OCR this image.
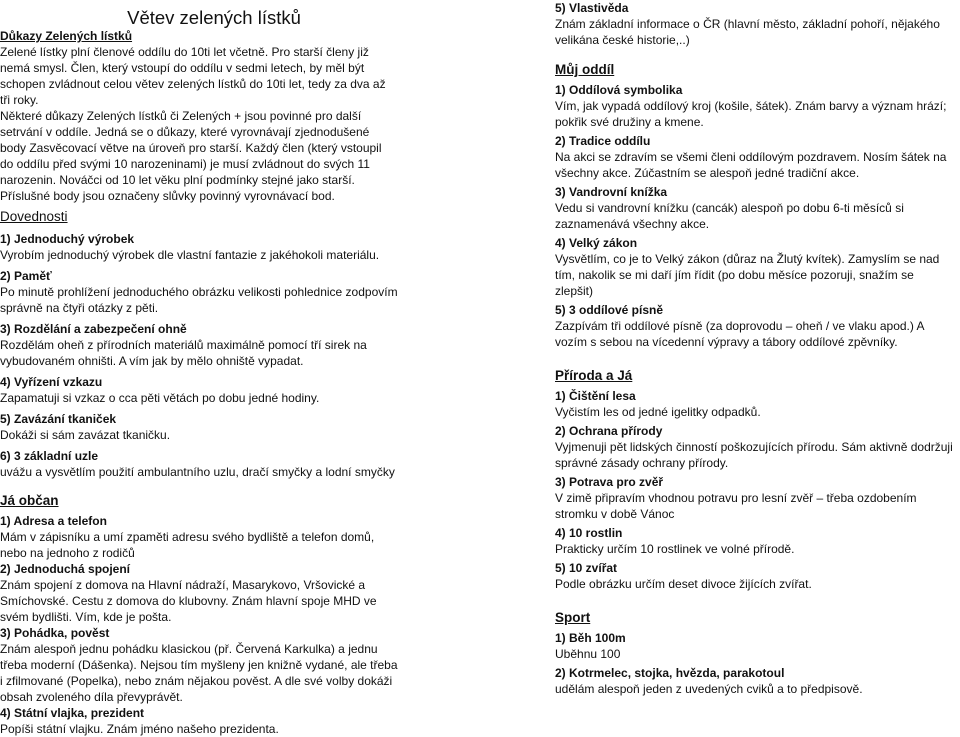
Větev zelených lístků
Důkazy Zelených lístků

Zelené lístky plní členové oddílu do 10ti let včetně. Pro starší členy již nemá smysl. Člen, který vstoupí do oddílu v sedmi letech, by měl být schopen zvládnout celou větev zelených lístků do 10ti let, tedy za dva až tři roky.

Některé důkazy Zelených lístků či Zelených + jsou povinné pro další setrvání v oddíle. Jedná se o důkazy, které vyrovnávají zjednodušené body Zasvěcovací větve na úroveň pro starší. Každý člen (který vstoupil do oddílu před svými 10 narozeninami) je musí zvládnout do svých 11 narozenin. Nováčci od 10 let věku plní podmínky stejné jako starší. Příslušné body jsou označeny slůvky povinný vyrovnávací bod.

Dovednosti
1) Jednoduchý výrobek
Vyrobím jednoduchý výrobek dle vlastní fantazie z jakéhokoli materiálu.
2) Paměť
Po minutě prohlížení jednoduchého obrázku velikosti pohlednice zodpovím správně na čtyři otázky z pěti.
3) Rozdělání a zabezpečení ohně
Rozdělám oheň z přírodních materiálů maximálně pomocí tří sirek na vybudovaném ohništi. A vím jak by mělo ohniště vypadat.
4) Vyřízení vzkazu
Zapamatuji si vzkaz o cca pěti větách po dobu jedné hodiny.
5) Zavázání tkaniček
Dokáži si sám zavázat tkaničku.
6) 3 základní uzle
uvážu a vysvětlím použití ambulantního uzlu, dračí smyčky a lodní smyčky
Já občan
1) Adresa a telefon
Mám v zápisníku a umí zpaměti adresu svého bydliště a telefon domů, nebo na jednoho z rodičů
2) Jednoduchá spojení
Znám spojení z domova na Hlavní nádraží, Masarykovo, Vršovické a Smíchovské. Cestu z domova do klubovny. Znám hlavní spoje MHD ve svém bydlišti. Vím, kde je pošta.
3) Pohádka, pověst
Znám alespoň jednu pohádku klasickou (př. Červená Karkulka) a jednu třeba moderní (Dášenka). Nejsou tím myšleny jen knižně vydané, ale třeba i zfilmované (Popelka), nebo znám nějakou pověst. A dle své volby dokáži obsah zvoleného díla převyprávět.
4) Státní vlajka, prezident
Popíši státní vlajku. Znám jméno našeho prezidenta.
5) Vlastivěda
Znám základní informace o ČR (hlavní město, základní pohoří, nějakého velikána české historie,..)
Můj oddíl
1) Oddílová symbolika
Vím, jak vypadá oddílový kroj (košile, šátek). Znám barvy a význam hrází; pokřik své družiny a kmene.
2) Tradice oddílu
Na akci se zdravím se všemi členi oddílovým pozdravem. Nosím šátek na všechny akce. Zúčastním se alespoň jedné tradiční akce.
3) Vandrovní knížka
Vedu si vandrovní knížku (cancák) alespoň po dobu 6-ti měsíců si zaznamenává všechny akce.
4) Velký zákon
Vysvětlím, co je to Velký zákon (důraz na Žlutý kvítek). Zamyslím se nad tím, nakolik se mi daří jím řídit (po dobu měsíce pozoruji, snažím se zlepšit)
5) 3 oddílové písně
Zazpívám tři oddílové písně (za doprovodu – oheň / ve vlaku apod.) A vozím s sebou na vícedenní výpravy a tábory oddílové zpěvníky.
Příroda a Já
1) Čištění lesa
Vyčistím les od jedné igelitky odpadků.
2) Ochrana přírody
Vyjmenuji pět lidských činností poškozujících přírodu. Sám aktivně dodržuji správné zásady ochrany přírody.
3) Potrava pro zvěř
V zimě připravím vhodnou potravu pro lesní zvěř – třeba ozdobením stromku v době Vánoc
4) 10 rostlin
Prakticky určím 10 rostlinek ve volné přírodě.
5) 10 zvířat
Podle obrázku určím deset divoce žijících zvířat.
Sport
1) Běh 100m
Uběhnu 100
2) Kotrmelec, stojka, hvězda, parakotoul
udělám alespoň jeden z uvedených cviků a to předpisově.
